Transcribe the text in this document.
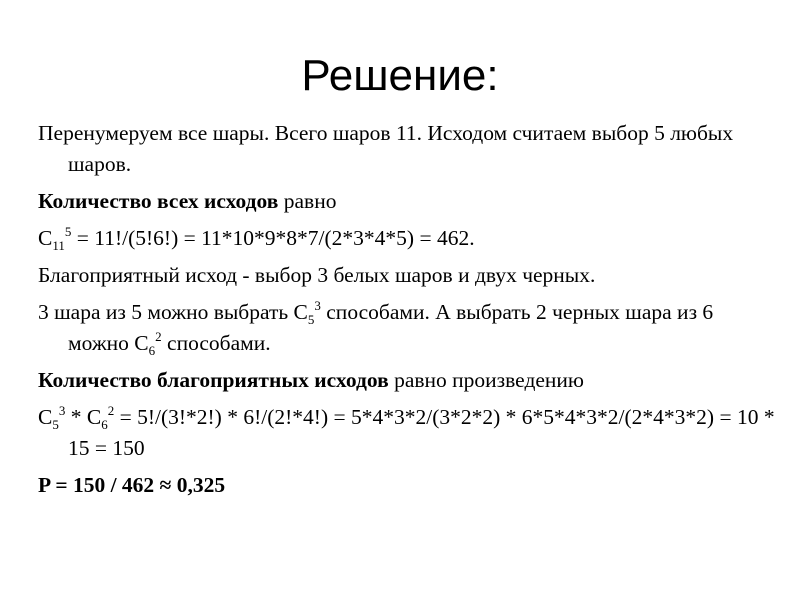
Решение:
Перенумеруем все шары. Всего шаров 11. Исходом считаем выбор 5 любых шаров.
Количество всех исходов равно
$C_{11}^5 = 11!/(5!6!) = 11*10*9*8*7/(2*3*4*5) = 462$.
Благоприятный исход - выбор 3 белых шаров и двух черных.
3 шара из 5 можно выбрать $C_5^3$ способами. А выбрать 2 черных шара из 6 можно $C_6^2$ способами.
Количество благоприятных исходов равно произведению
$C_5^3 * C_6^2 = 5!/(3!*2!) * 6!/(2!*4!) = 5*4*3*2/(3*2*2) * 6*5*4*3*2/(2*4*3*2) = 10 * 15 = 150$
P = 150 / 462 ≈ 0,325
